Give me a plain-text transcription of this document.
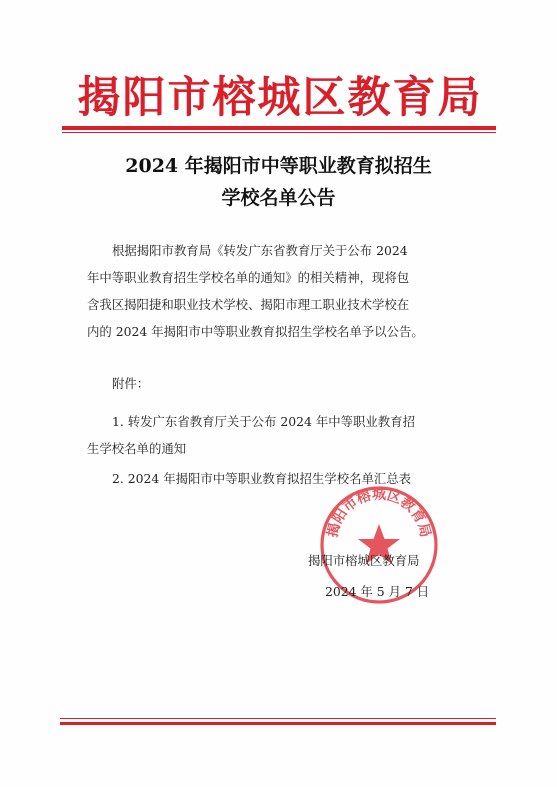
揭阳市榕城区教育局
2024 年揭阳市中等职业教育拟招生
学校名单公告
根据揭阳市教育局《转发广东省教育厅关于公布 2024
年中等职业教育招生学校名单的通知》的相关精神，现将包
含我区揭阳捷和职业技术学校、揭阳市理工职业技术学校在
内的 2024 年揭阳市中等职业教育拟招生学校名单予以公告。
附件：
1. 转发广东省教育厅关于公布 2024 年中等职业教育招
生学校名单的通知
2. 2024 年揭阳市中等职业教育拟招生学校名单汇总表
揭阳市榕城区教育局
揭阳市榕城区教育局
2024 年 5 月 7 日
